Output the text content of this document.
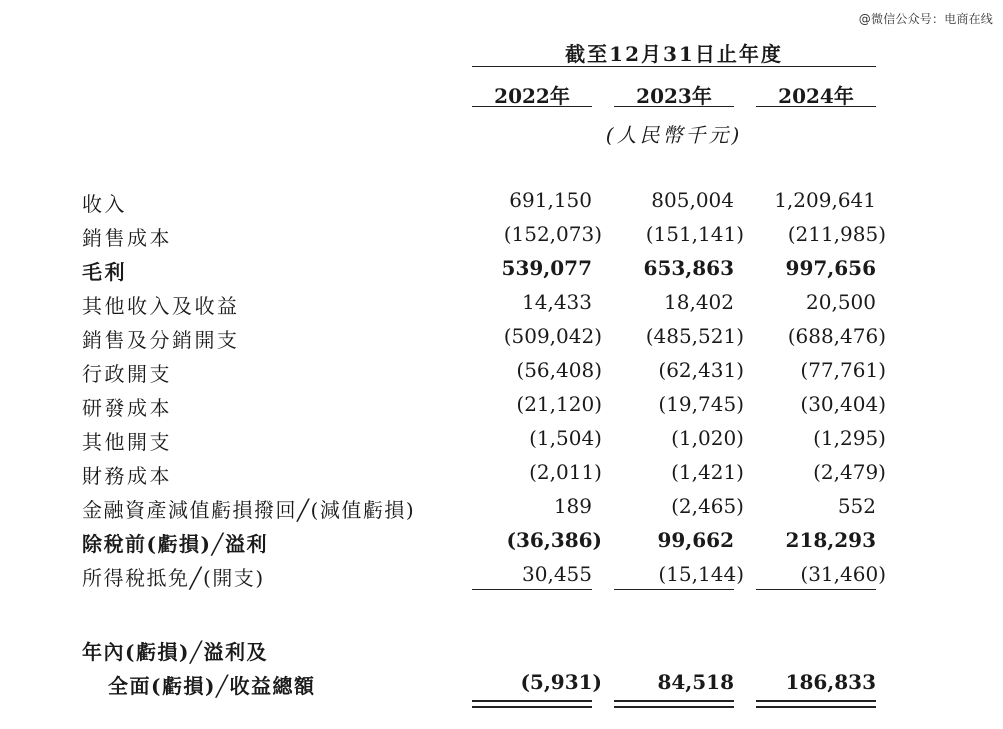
@微信公众号：电商在线
截至12月31日止年度
2022年	2023年	2024年
(人民幣千元)
收入	691,150	805,004	1,209,641
銷售成本	(152,073)	(151,141)	(211,985)
毛利	539,077	653,863	997,656
其他收入及收益	14,433	18,402	20,500
銷售及分銷開支	(509,042)	(485,521)	(688,476)
行政開支	(56,408)	(62,431)	(77,761)
研發成本	(21,120)	(19,745)	(30,404)
其他開支	(1,504)	(1,020)	(1,295)
財務成本	(2,011)	(1,421)	(2,479)
金融資產減值虧損撥回╱(減值虧損)	189	(2,465)	552
除稅前(虧損)╱溢利	(36,386)	99,662	218,293
所得稅抵免╱(開支)	30,455	(15,144)	(31,460)
年內(虧損)╱溢利及
全面(虧損)╱收益總額	(5,931)	84,518	186,833
